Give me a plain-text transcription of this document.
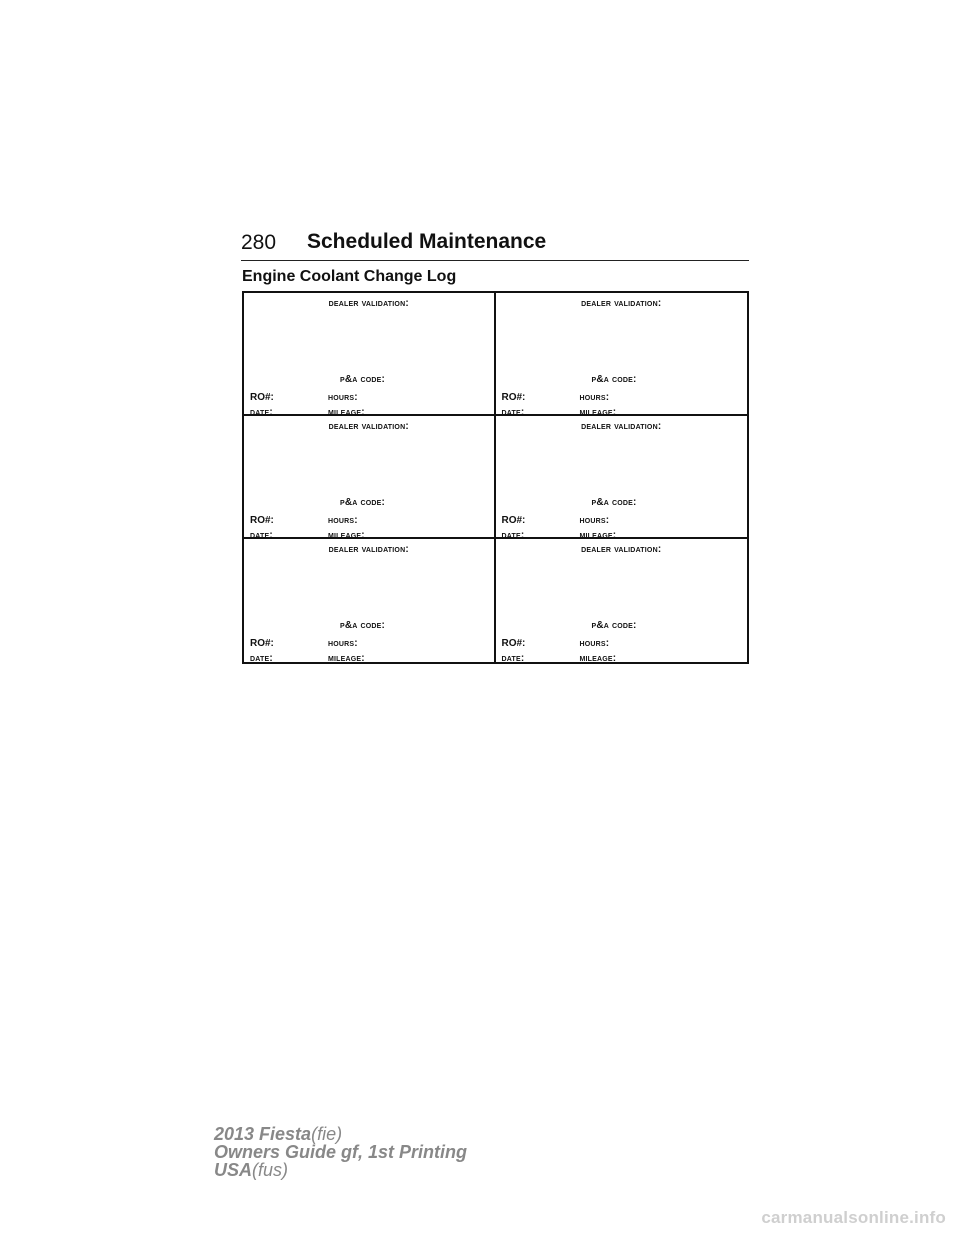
280 Scheduled Maintenance
Engine Coolant Change Log
dealer validation:
p&a code:
RO#:	hours:
date:	mileage:
dealer validation:
p&a code:
RO#:	hours:
date:	mileage:
dealer validation:
p&a code:
RO#:	hours:
date:	mileage:
dealer validation:
p&a code:
RO#:	hours:
date:	mileage:
dealer validation:
p&a code:
RO#:	hours:
date:	mileage:
dealer validation:
p&a code:
RO#:	hours:
date:	mileage:
2013 Fiesta(fie)
Owners Guide gf, 1st Printing
USA(fus)
carmanualsonline.info
